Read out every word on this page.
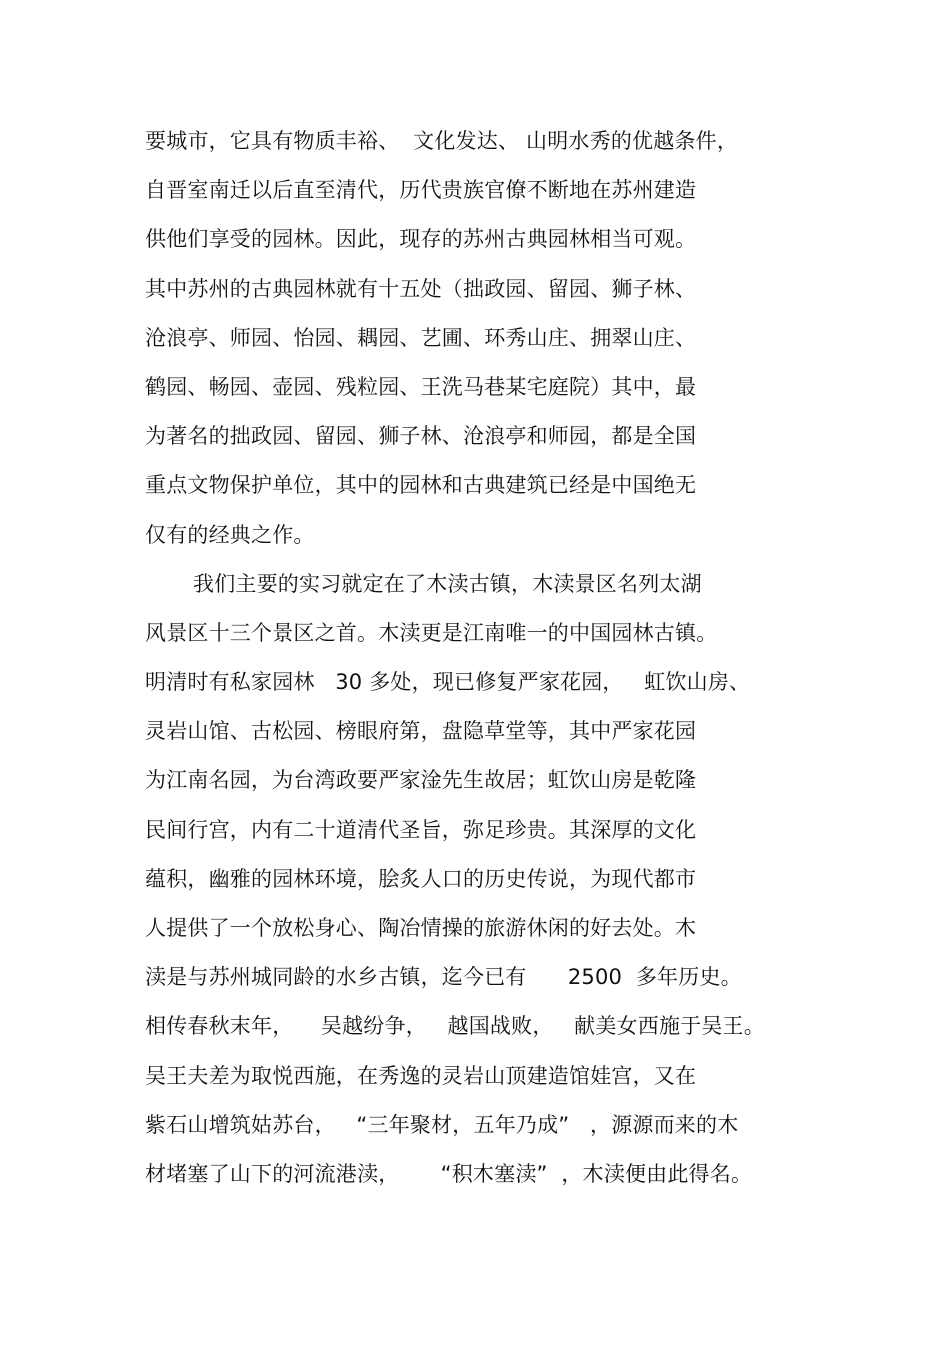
要城市，它具有物质丰裕、  文化发达、 山明水秀的优越条件，
自晋室南迁以后直至清代，历代贵族官僚不断地在苏州建造
供他们享受的园林。因此，现存的苏州古典园林相当可观。
其中苏州的古典园林就有十五处（拙政园、留园、狮子林、
沧浪亭、师园、怡园、耦园、艺圃、环秀山庄、拥翠山庄、
鹤园、畅园、壶园、残粒园、王洗马巷某宅庭院）其中，最
为著名的拙政园、留园、狮子林、沧浪亭和师园，都是全国
重点文物保护单位，其中的园林和古典建筑已经是中国绝无
仅有的经典之作。
我们主要的实习就定在了木渎古镇，木渎景区名列太湖
风景区十三个景区之首。木渎更是江南唯一的中国园林古镇。
明清时有私家园林   30 多处，现已修复严家花园，   虹饮山房、
灵岩山馆、古松园、榜眼府第，盘隐草堂等，其中严家花园
为江南名园，为台湾政要严家淦先生故居；虹饮山房是乾隆
民间行宫，内有二十道清代圣旨，弥足珍贵。其深厚的文化
蕴积，幽雅的园林环境，脍炙人口的历史传说，为现代都市
人提供了一个放松身心、陶冶情操的旅游休闲的好去处。木
渎是与苏州城同龄的水乡古镇，迄今已有      2500  多年历史。
相传春秋末年，    吴越纷争，   越国战败，   献美女西施于吴王。
吴王夫差为取悦西施，在秀逸的灵岩山顶建造馆娃宫，又在
紫石山增筑姑苏台，   “三年聚材，五年乃成”   ，源源而来的木
材堵塞了山下的河流港渎，      “积木塞渎”  ，木渎便由此得名。
